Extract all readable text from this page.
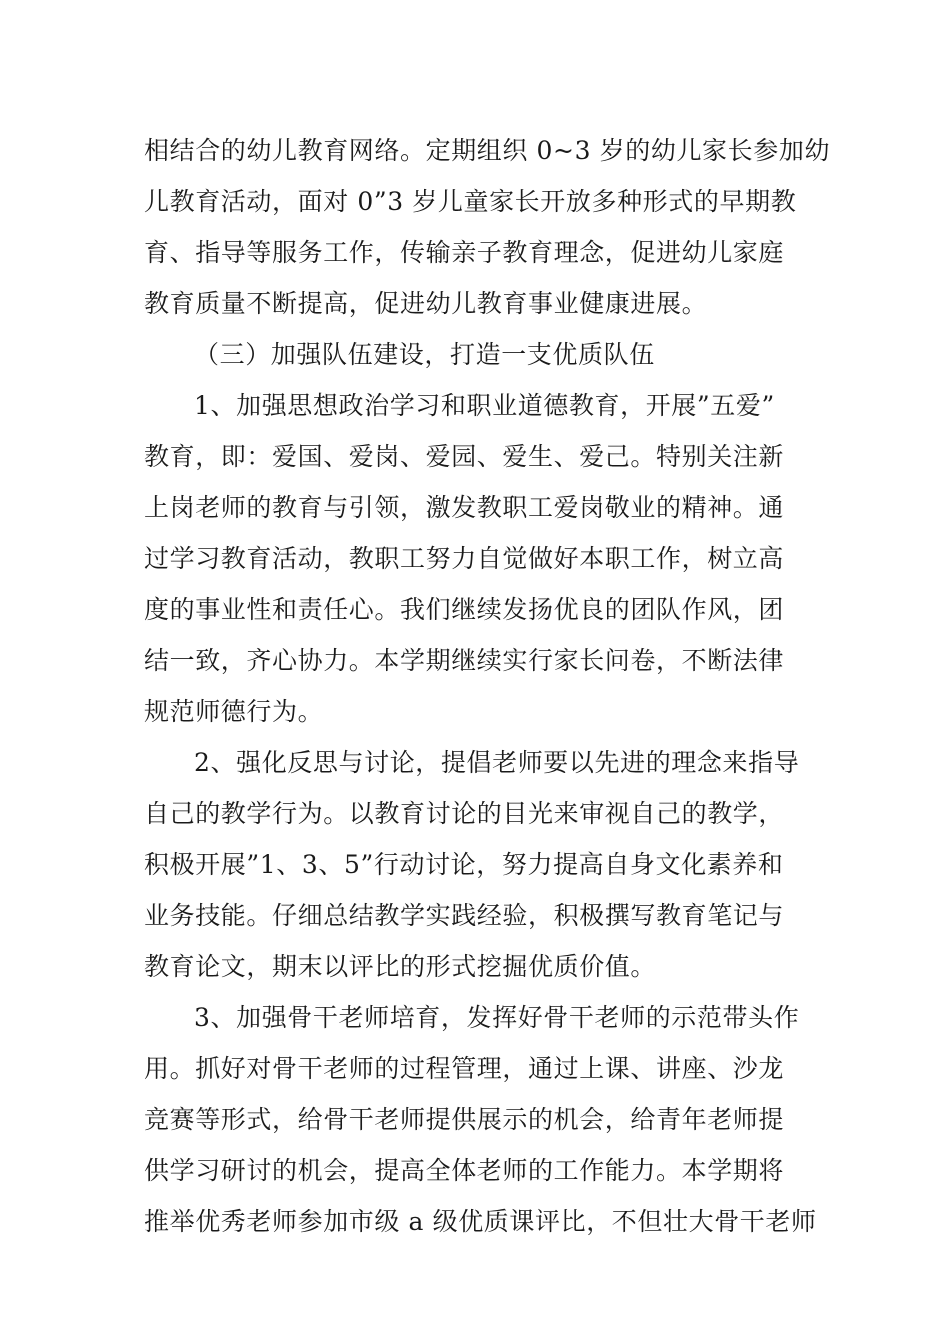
相结合的幼儿教育网络。定期组织 0~3 岁的幼儿家长参加幼
儿教育活动，面对 0”3 岁儿童家长开放多种形式的早期教
育、指导等服务工作，传输亲子教育理念，促进幼儿家庭
教育质量不断提高，促进幼儿教育事业健康进展。
（三）加强队伍建设，打造一支优质队伍
1、加强思想政治学习和职业道德教育，开展”五爱”
教育，即：爱国、爱岗、爱园、爱生、爱己。特别关注新
上岗老师的教育与引领，激发教职工爱岗敬业的精神。通
过学习教育活动，教职工努力自觉做好本职工作，树立高
度的事业性和责任心。我们继续发扬优良的团队作风，团
结一致，齐心协力。本学期继续实行家长问卷，不断法律
规范师德行为。
2、强化反思与讨论，提倡老师要以先进的理念来指导
自己的教学行为。以教育讨论的目光来审视自己的教学，
积极开展”1、3、5”行动讨论，努力提高自身文化素养和
业务技能。仔细总结教学实践经验，积极撰写教育笔记与
教育论文，期末以评比的形式挖掘优质价值。
3、加强骨干老师培育，发挥好骨干老师的示范带头作
用。抓好对骨干老师的过程管理，通过上课、讲座、沙龙
竞赛等形式，给骨干老师提供展示的机会，给青年老师提
供学习研讨的机会，提高全体老师的工作能力。本学期将
推举优秀老师参加市级 a 级优质课评比，不但壮大骨干老师
